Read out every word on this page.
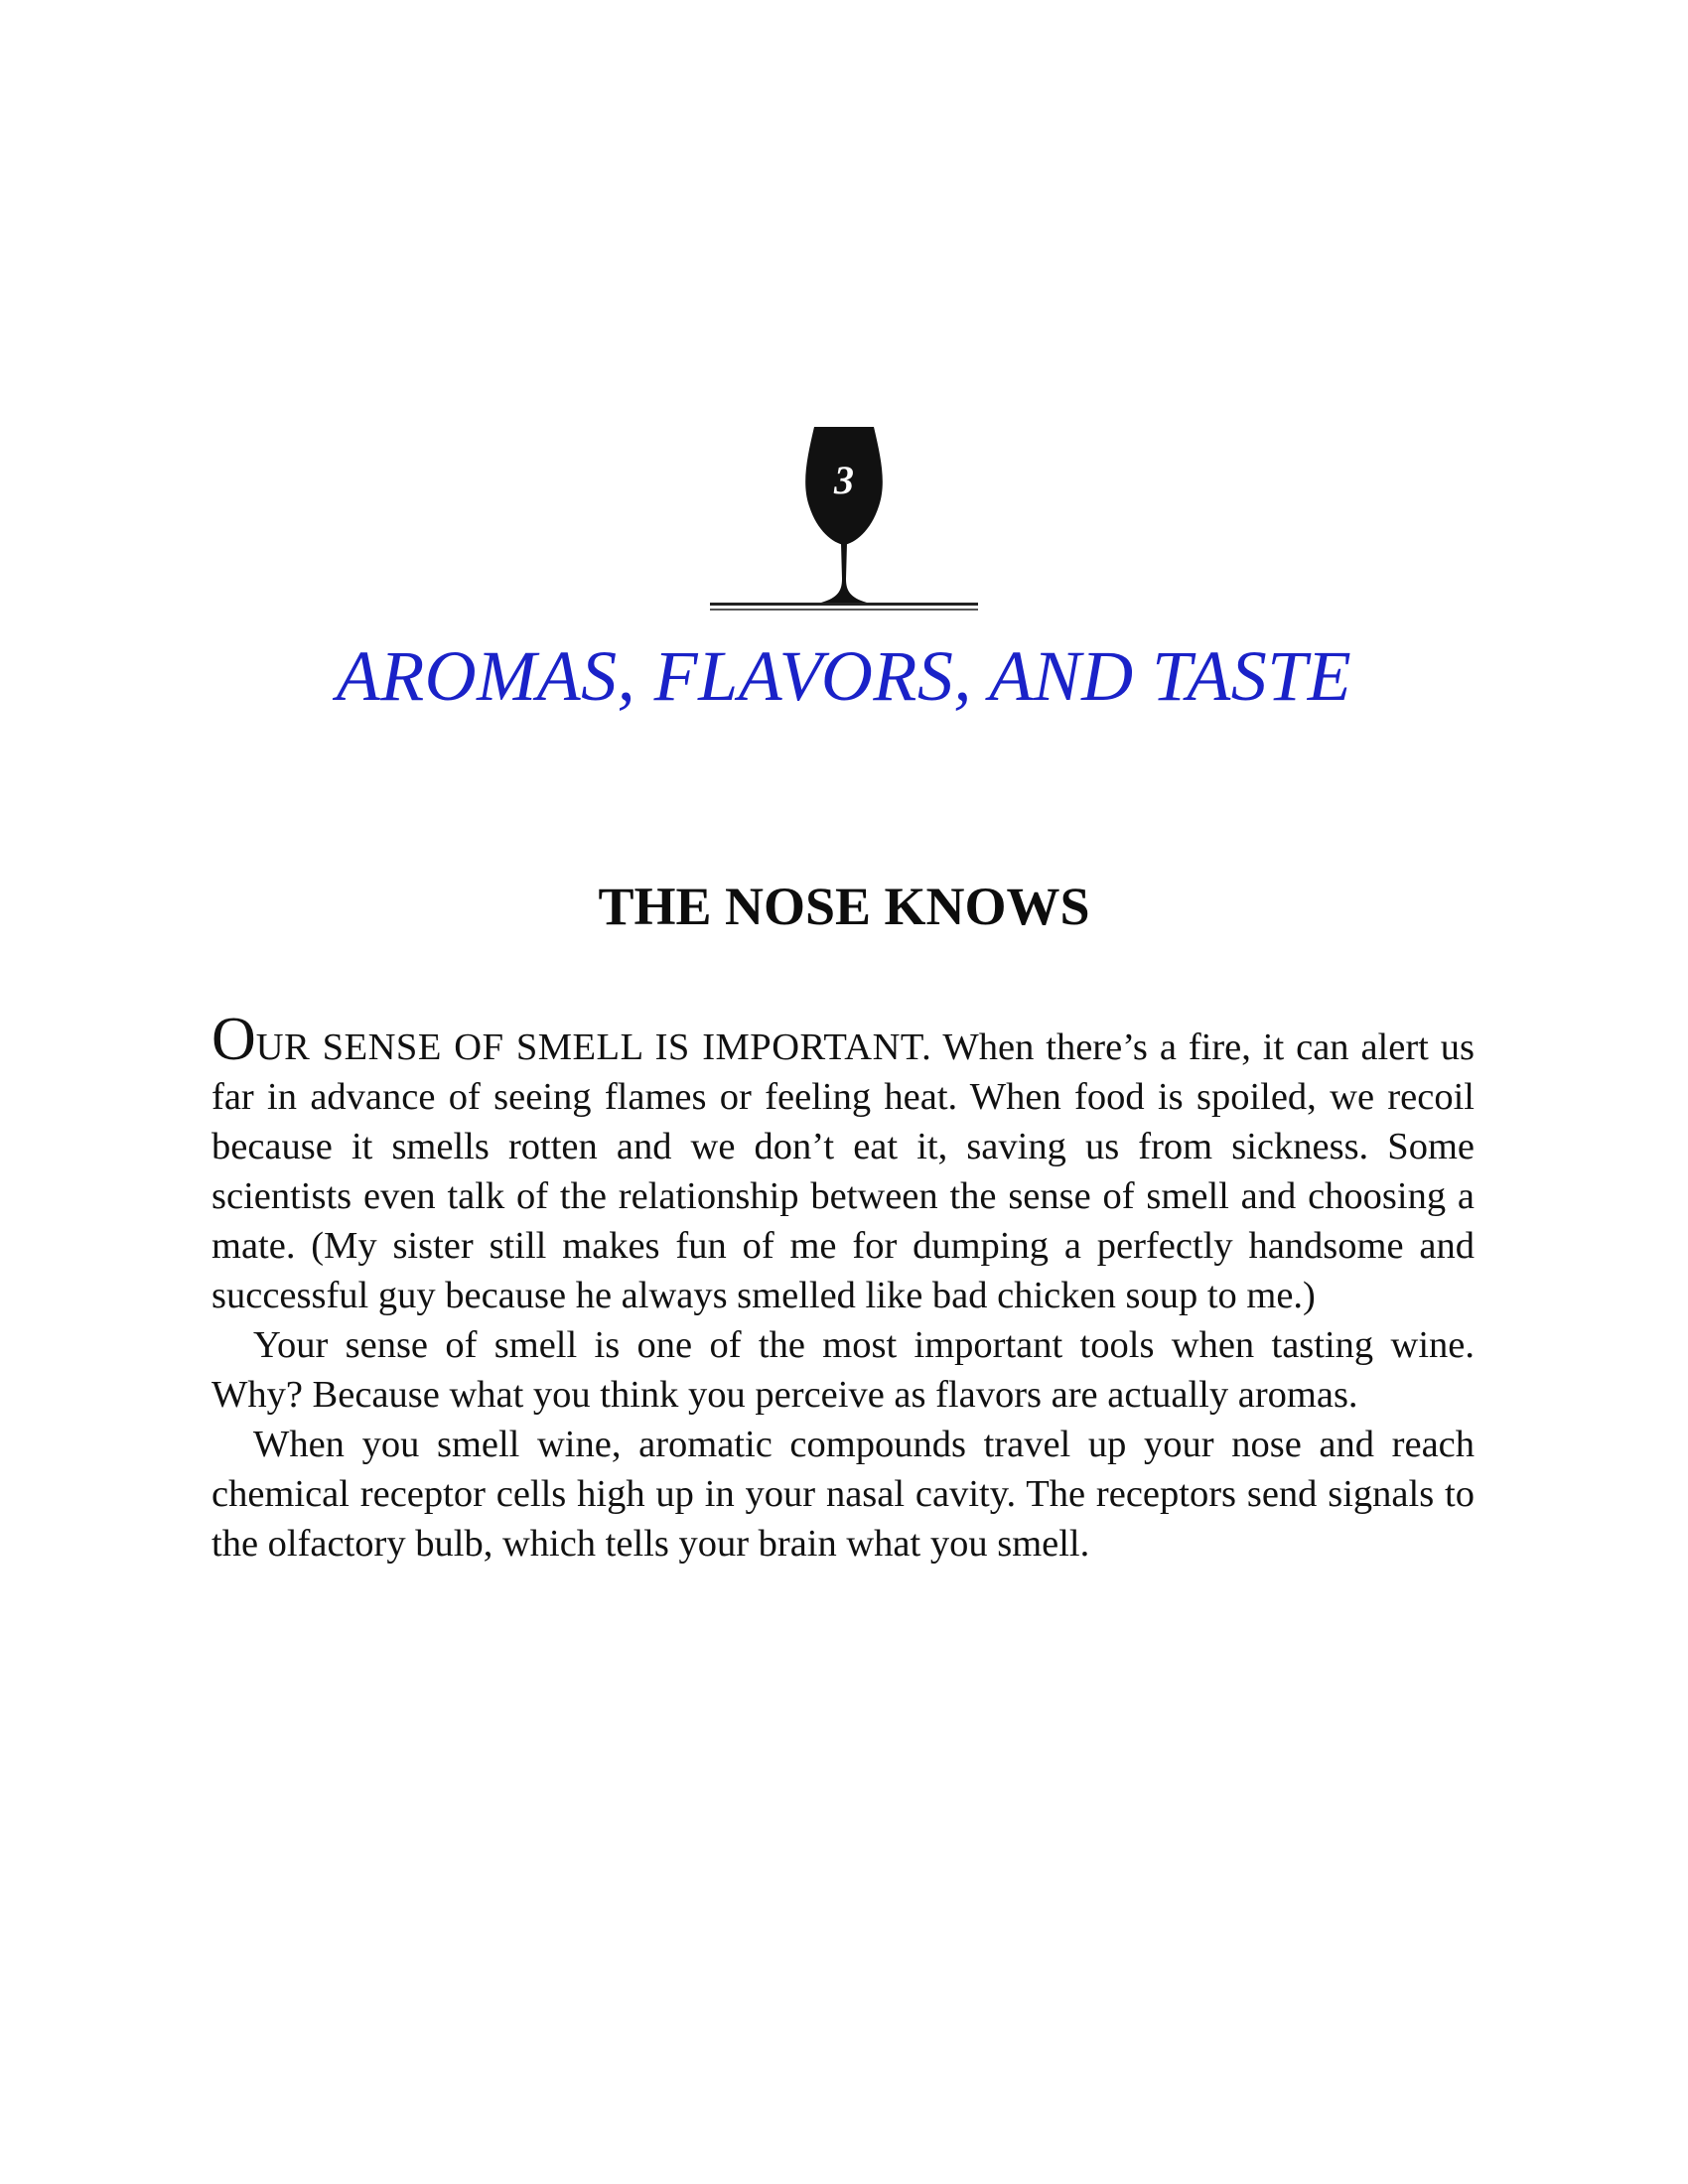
3
AROMAS, FLAVORS, AND TASTE
THE NOSE KNOWS

OUR SENSE OF SMELL IS IMPORTANT. When there’s a fire, it can alert us far in advance of seeing flames or feeling heat. When food is spoiled, we recoil because it smells rotten and we don’t eat it, saving us from sickness. Some scientists even talk of the relationship between the sense of smell and choosing a mate. (My sister still makes fun of me for dumping a perfectly handsome and successful guy because he always smelled like bad chicken soup to me.)

Your sense of smell is one of the most important tools when tasting wine. Why? Because what you think you perceive as flavors are actually aromas.

When you smell wine, aromatic compounds travel up your nose and reach chemical receptor cells high up in your nasal cavity. The receptors send signals to the olfactory bulb, which tells your brain what you smell.
